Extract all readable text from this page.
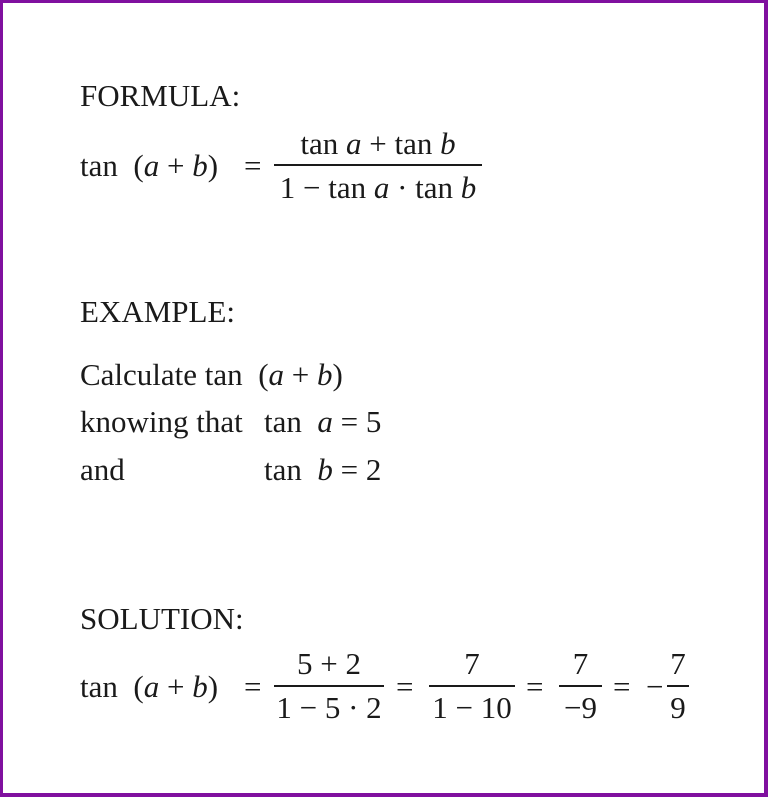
FORMULA:
tan (a + b) =
tan a + tan b
1 − tan a · tan b
EXAMPLE:
Calculate tan (a + b)
knowing that tan a = 5
and	tan b = 2
SOLUTION:
tan (a + b) =
5 + 2
1 − 5 · 2
=
7
1 − 10
=
7
−9
= −
7
9
